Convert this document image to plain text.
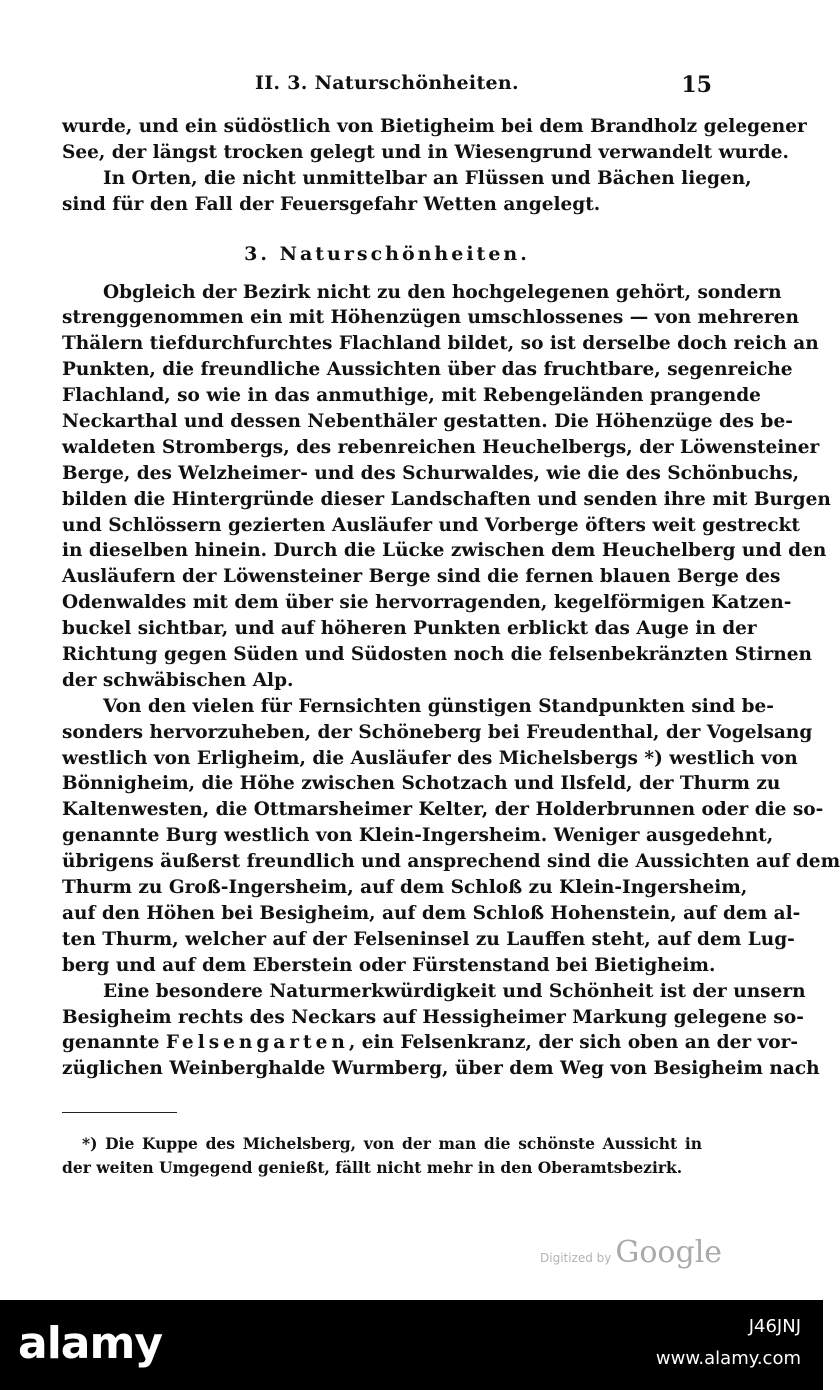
II. 3. Naturschönheiten.	15
wurde, und ein südöstlich von Bietigheim bei dem Brandholz gelegener
See, der längst trocken gelegt und in Wiesengrund verwandelt wurde.
In Orten, die nicht unmittelbar an Flüssen und Bächen liegen,
sind für den Fall der Feuersgefahr Wetten angelegt.
3. Naturschönheiten.
Obgleich der Bezirk nicht zu den hochgelegenen gehört, sondern
strenggenommen ein mit Höhenzügen umschlossenes — von mehreren
Thälern tiefdurchfurchtes Flachland bildet, so ist derselbe doch reich an
Punkten, die freundliche Aussichten über das fruchtbare, segenreiche
Flachland, so wie in das anmuthige, mit Rebengeländen prangende
Neckarthal und dessen Nebenthäler gestatten. Die Höhenzüge des be-
waldeten Strombergs, des rebenreichen Heuchelbergs, der Löwensteiner
Berge, des Welzheimer- und des Schurwaldes, wie die des Schönbuchs,
bilden die Hintergründe dieser Landschaften und senden ihre mit Burgen
und Schlössern gezierten Ausläufer und Vorberge öfters weit gestreckt
in dieselben hinein. Durch die Lücke zwischen dem Heuchelberg und den
Ausläufern der Löwensteiner Berge sind die fernen blauen Berge des
Odenwaldes mit dem über sie hervorragenden, kegelförmigen Katzen-
buckel sichtbar, und auf höheren Punkten erblickt das Auge in der
Richtung gegen Süden und Südosten noch die felsenbekränzten Stirnen
der schwäbischen Alp.
Von den vielen für Fernsichten günstigen Standpunkten sind be-
sonders hervorzuheben, der Schöneberg bei Freudenthal, der Vogelsang
westlich von Erligheim, die Ausläufer des Michelsbergs *) westlich von
Bönnigheim, die Höhe zwischen Schotzach und Ilsfeld, der Thurm zu
Kaltenwesten, die Ottmarsheimer Kelter, der Holderbrunnen oder die so-
genannte Burg westlich von Klein-Ingersheim. Weniger ausgedehnt,
übrigens äußerst freundlich und ansprechend sind die Aussichten auf dem
Thurm zu Groß-Ingersheim, auf dem Schloß zu Klein-Ingersheim,
auf den Höhen bei Besigheim, auf dem Schloß Hohenstein, auf dem al-
ten Thurm, welcher auf der Felseninsel zu Lauffen steht, auf dem Lug-
berg und auf dem Eberstein oder Fürstenstand bei Bietigheim.
Eine besondere Naturmerkwürdigkeit und Schönheit ist der unsern
Besigheim rechts des Neckars auf Hessigheimer Markung gelegene so-
genannte Felsengarten, ein Felsenkranz, der sich oben an der vor-
züglichen Weinberghalde Wurmberg, über dem Weg von Besigheim nach
*) Die Kuppe des Michelsberg, von der man die schönste Aussicht in
der weiten Umgegend genießt, fällt nicht mehr in den Oberamtsbezirk.
Digitized by Google
alamy	J46JNJ
www.alamy.com
